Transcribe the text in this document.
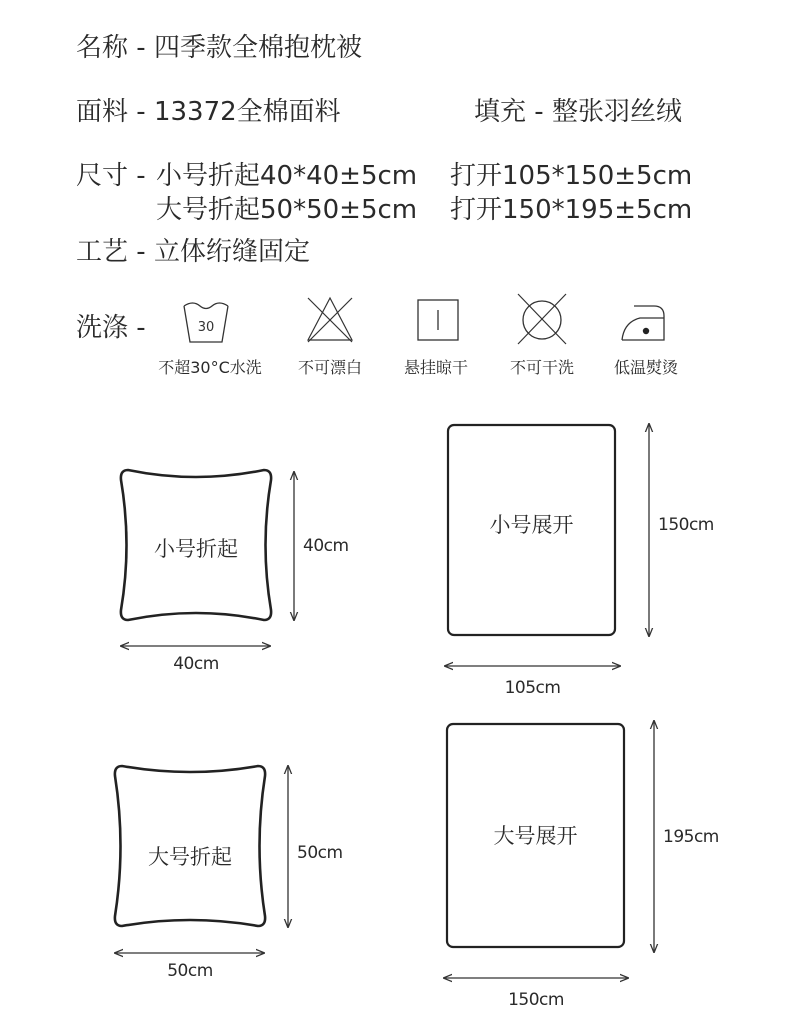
名称 - 四季款全棉抱枕被
面料 - 13372全棉面料	填充 - 整张羽丝绒
尺寸 - 小号折起40*40±5cm 打开105*150±5cm
大号折起50*50±5cm 打开150*195±5cm
工艺 - 立体绗缝固定
洗涤 -	30
不超30°C水洗	不可漂白	悬挂晾干	不可干洗	低温熨烫
小号折起	40cm
40cm
小号展开	150cm
105cm
大号折起	50cm
50cm
大号展开	195cm
150cm
